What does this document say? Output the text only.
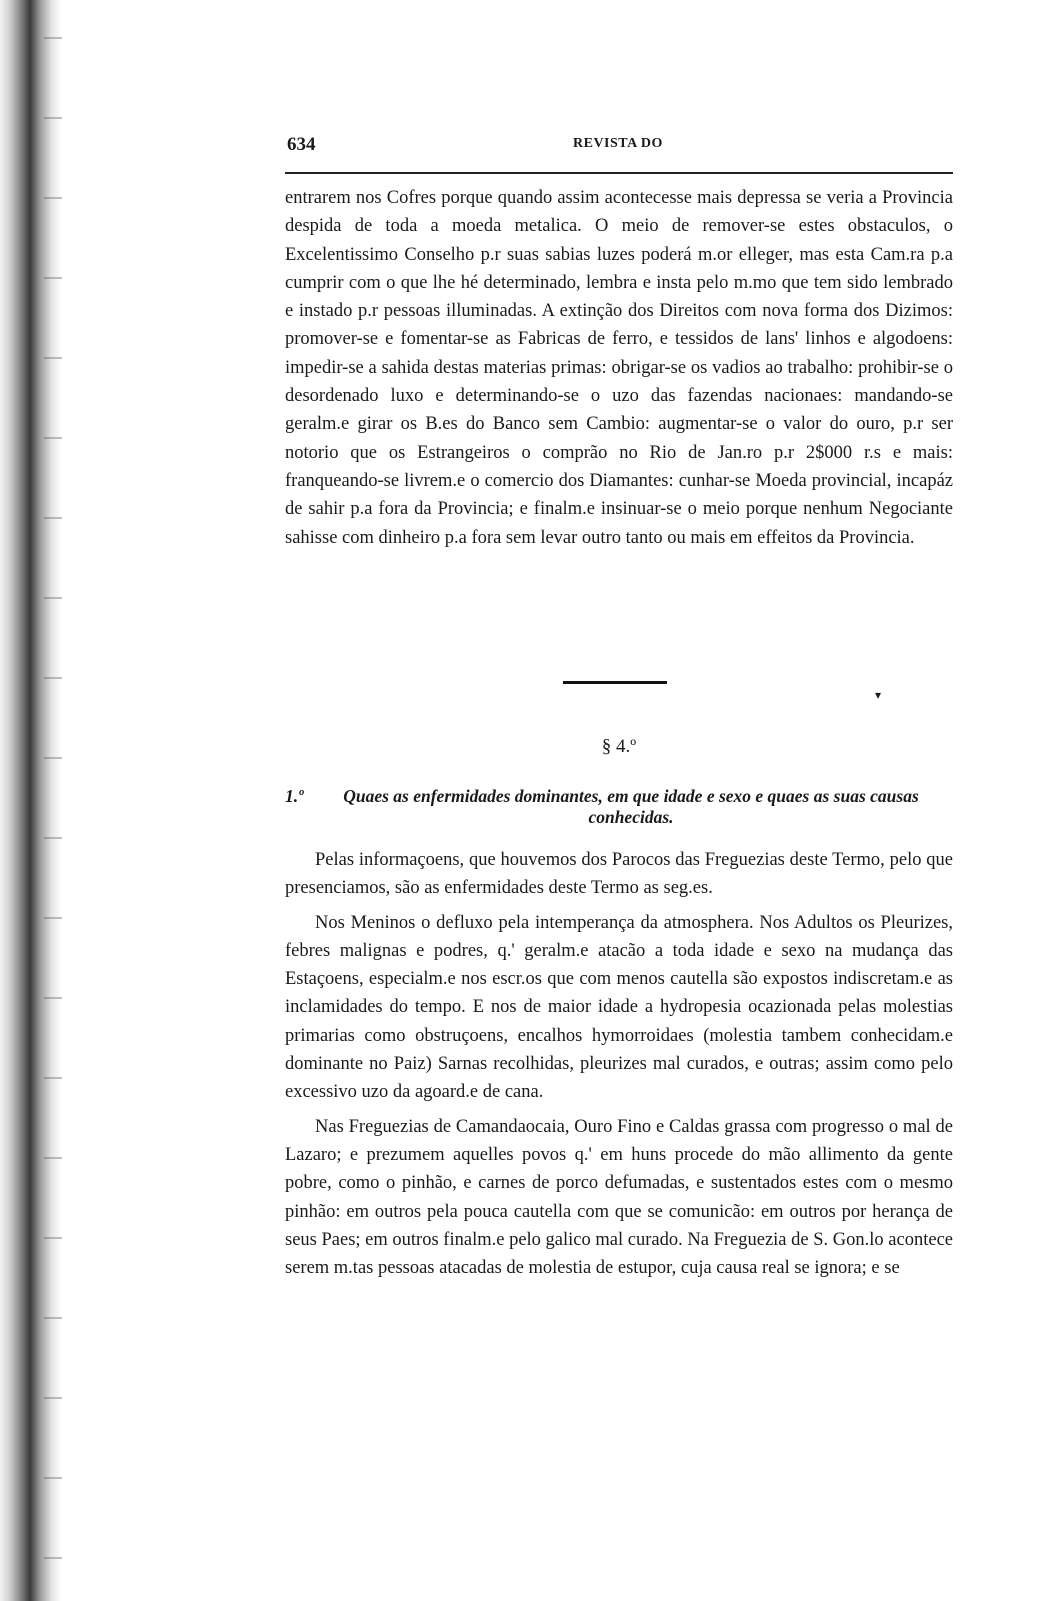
634	REVISTA DO

entrarem nos Cofres porque quando assim acontecesse mais depressa se veria a Provincia despida de toda a moeda metalica. O meio de remover-se estes obstaculos, o Excelentissimo Conselho p.r suas sabias luzes poderá m.or elleger, mas esta Cam.ra p.a cumprir com o que lhe hé determinado, lembra e insta pelo m.mo que tem sido lembrado e instado p.r pessoas illuminadas. A extinção dos Direitos com nova forma dos Dizimos: promover-se e fomentar-se as Fabricas de ferro, e tessidos de lans' linhos e algodoens: impedir-se a sahida destas materias primas: obrigar-se os vadios ao trabalho: prohibir-se o desordenado luxo e determinando-se o uzo das fazendas nacionaes: mandando-se geralm.e girar os B.es do Banco sem Cambio: augmentar-se o valor do ouro, p.r ser notorio que os Estrangeiros o comprão no Rio de Jan.ro p.r 2$000 r.s e mais: franqueando-se livrem.e o comercio dos Diamantes: cunhar-se Moeda provincial, incapáz de sahir p.a fora da Provincia; e finalm.e insinuar-se o meio porque nenhum Negociante sahisse com dinheiro p.a fora sem levar outro tanto ou mais em effeitos da Provincia.

▾
§ 4.º
1.º	Quaes as enfermidades dominantes, em que idade e sexo e quaes as suas causas conhecidas.

Pelas informaçoens, que houvemos dos Parocos das Freguezias deste Termo, pelo que presenciamos, são as enfermidades deste Termo as seg.es.

Nos Meninos o defluxo pela intemperança da atmosphera. Nos Adultos os Pleurizes, febres malignas e podres, q.' geralm.e atacão a toda idade e sexo na mudança das Estaçoens, especialm.e nos escr.os que com menos cautella são expostos indiscretam.e as inclamidades do tempo. E nos de maior idade a hydropesia ocazionada pelas molestias primarias como obstruçoens, encalhos hymorroidaes (molestia tambem conhecidam.e dominante no Paiz) Sarnas recolhidas, pleurizes mal curados, e outras; assim como pelo excessivo uzo da agoard.e de cana.

Nas Freguezias de Camandaocaia, Ouro Fino e Caldas grassa com progresso o mal de Lazaro; e prezumem aquelles povos q.' em huns procede do mão allimento da gente pobre, como o pinhão, e carnes de porco defumadas, e sustentados estes com o mesmo pinhão: em outros pela pouca cautella com que se comunicão: em outros por herança de seus Paes; em outros finalm.e pelo galico mal curado. Na Freguezia de S. Gon.lo acontece serem m.tas pessoas atacadas de molestia de estupor, cuja causa real se ignora; e se
